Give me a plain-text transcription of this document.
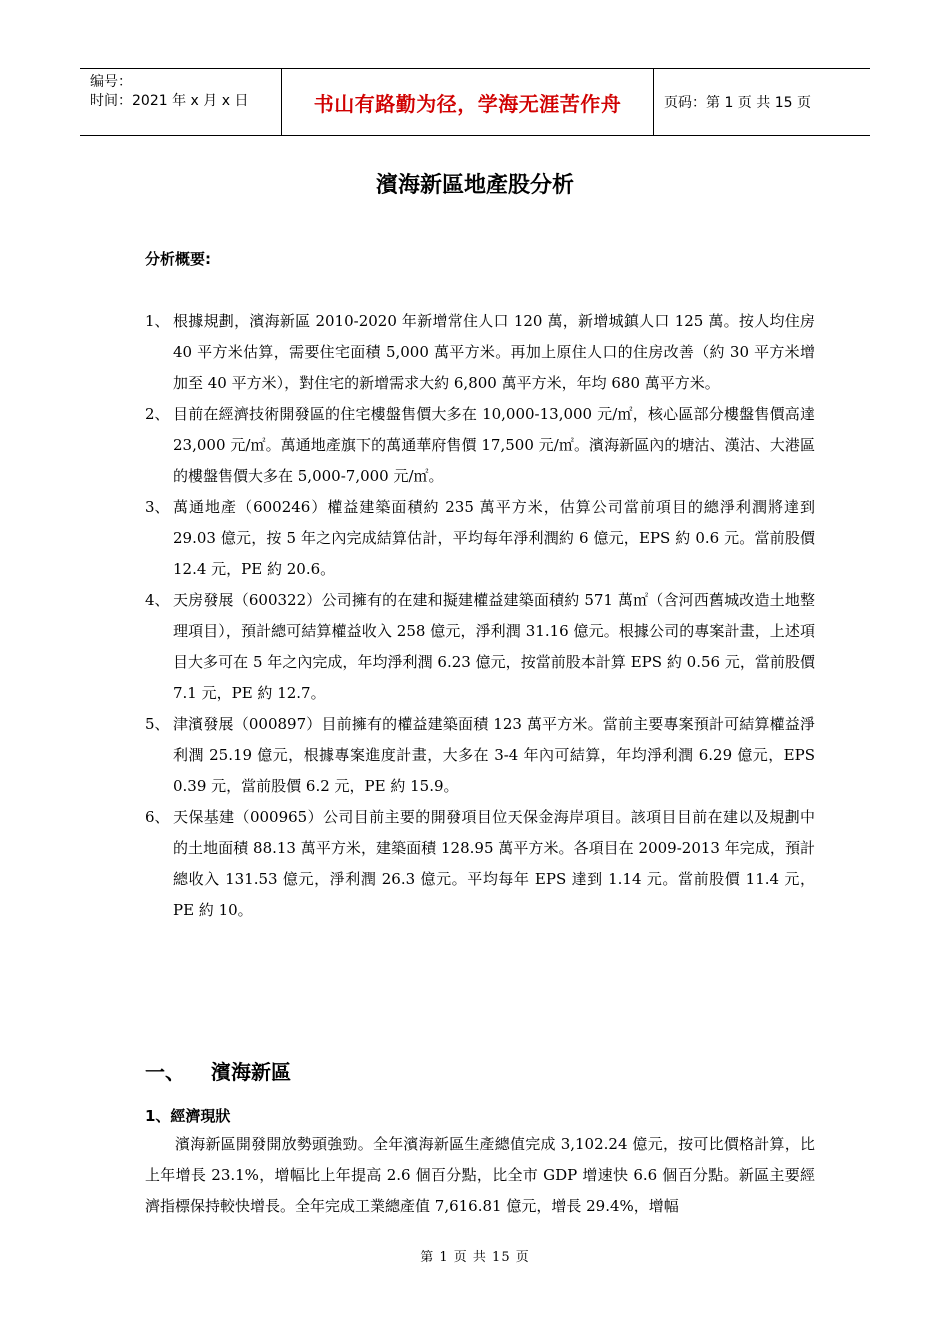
编号：
时间：2021 年 x 月 x 日	书山有路勤为径，学海无涯苦作舟	页码：第 1 页 共 15 页
濱海新區地產股分析
分析概要:
1、 根據規劃，濱海新區 2010-2020 年新增常住人口 120 萬，新增城鎮人口 125 萬。按人均住房 40 平方米估算，需要住宅面積 5,000 萬平方米。再加上原住人口的住房改善（約 30 平方米增加至 40 平方米），對住宅的新增需求大約 6,800 萬平方米，年均 680 萬平方米。
2、 目前在經濟技術開發區的住宅樓盤售價大多在 10,000-13,000 元/㎡，核心區部分樓盤售價高達 23,000 元/㎡。萬通地產旗下的萬通華府售價 17,500 元/㎡。濱海新區內的塘沽、漢沽、大港區的樓盤售價大多在 5,000-7,000 元/㎡。
3、 萬通地產（600246）權益建築面積約 235 萬平方米，估算公司當前項目的總淨利潤將達到 29.03 億元，按 5 年之內完成結算估計，平均每年淨利潤約 6 億元，EPS 約 0.6 元。當前股價 12.4 元，PE 約 20.6。
4、 天房發展（600322）公司擁有的在建和擬建權益建築面積約 571 萬㎡（含河西舊城改造土地整理項目），預計總可結算權益收入 258 億元，淨利潤 31.16 億元。根據公司的專案計畫，上述項目大多可在 5 年之內完成，年均淨利潤 6.23 億元，按當前股本計算 EPS 約 0.56 元，當前股價 7.1 元，PE 約 12.7。
5、 津濱發展（000897）目前擁有的權益建築面積 123 萬平方米。當前主要專案預計可結算權益淨利潤 25.19 億元，根據專案進度計畫，大多在 3-4 年內可結算，年均淨利潤 6.29 億元，EPS 0.39 元，當前股價 6.2 元，PE 約 15.9。
6、 天保基建（000965）公司目前主要的開發項目位天保金海岸項目。該項目目前在建以及規劃中的土地面積 88.13 萬平方米，建築面積 128.95 萬平方米。各項目在 2009-2013 年完成，預計總收入 131.53 億元，淨利潤 26.3 億元。平均每年 EPS 達到 1.14 元。當前股價 11.4 元，PE 約 10。
一、	濱海新區
1、經濟現狀

濱海新區開發開放勢頭強勁。全年濱海新區生產總值完成 3,102.24 億元，按可比價格計算，比上年增長 23.1%，增幅比上年提高 2.6 個百分點，比全市 GDP 增速快 6.6 個百分點。新區主要經濟指標保持較快增長。全年完成工業總產值 7,616.81 億元，增長 29.4%，增幅

第 1 页 共 15 页
